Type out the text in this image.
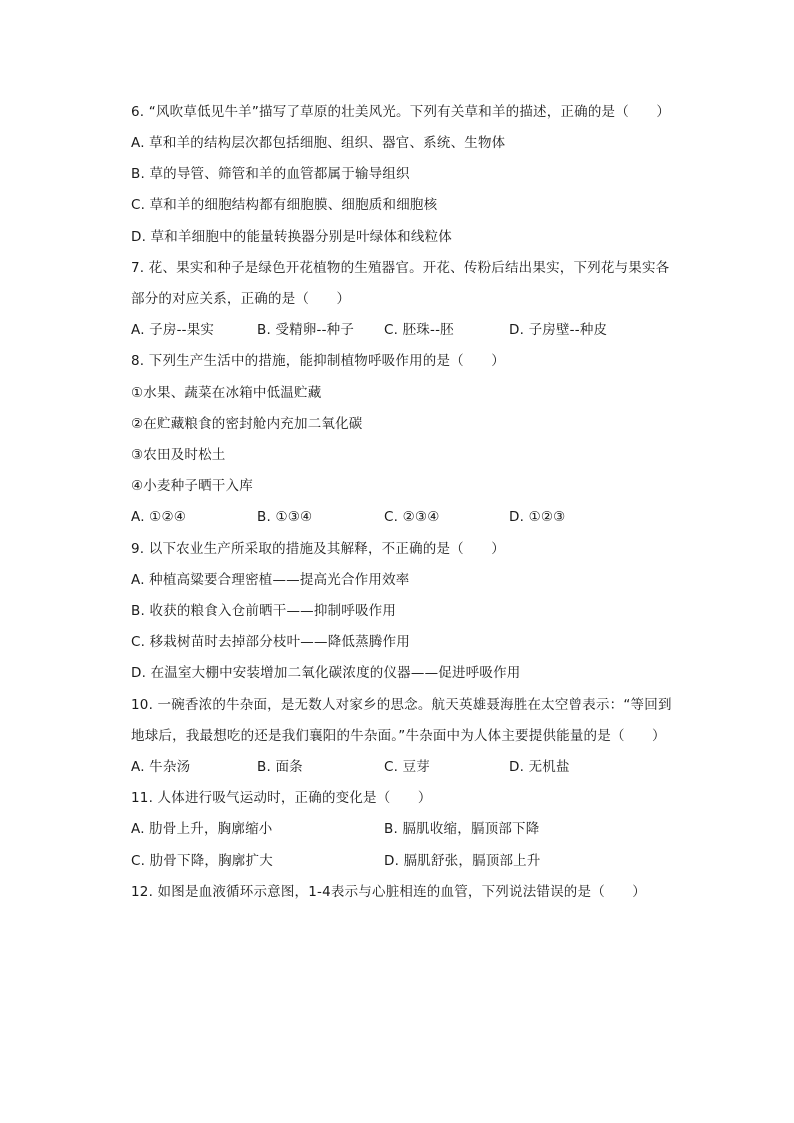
6. “风吹草低见牛羊”描写了草原的壮美风光。下列有关草和羊的描述，正确的是（　　）
A. 草和羊的结构层次都包括细胞、组织、器官、系统、生物体
B. 草的导管、筛管和羊的血管都属于输导组织
C. 草和羊的细胞结构都有细胞膜、细胞质和细胞核
D. 草和羊细胞中的能量转换器分别是叶绿体和线粒体
7. 花、果实和种子是绿色开花植物的生殖器官。开花、传粉后结出果实，下列花与果实各
部分的对应关系，正确的是（　　）
A. 子房--果实	B. 受精卵--种子 C. 胚珠--胚	D. 子房壁--种皮
8. 下列生产生活中的措施，能抑制植物呼吸作用的是（　　）
①水果、蔬菜在冰箱中低温贮藏
②在贮藏粮食的密封舱内充加二氧化碳
③农田及时松土
④小麦种子晒干入库
A. ①②④	B. ①③④	C. ②③④	D. ①②③
9. 以下农业生产所采取的措施及其解释，不正确的是（　　）
A. 种植高粱要合理密植——提高光合作用效率
B. 收获的粮食入仓前晒干——抑制呼吸作用
C. 移栽树苗时去掉部分枝叶——降低蒸腾作用
D. 在温室大棚中安装增加二氧化碳浓度的仪器——促进呼吸作用
10. 一碗香浓的牛杂面，是无数人对家乡的思念。航天英雄聂海胜在太空曾表示：“等回到
地球后，我最想吃的还是我们襄阳的牛杂面。”牛杂面中为人体主要提供能量的是（　　）
A. 牛杂汤	B. 面条	C. 豆芽	D. 无机盐
11. 人体进行吸气运动时，正确的变化是（　　）
A. 肋骨上升，胸廓缩小	B. 膈肌收缩，膈顶部下降
C. 肋骨下降，胸廓扩大	D. 膈肌舒张，膈顶部上升
12. 如图是血液循环示意图，1-4表示与心脏相连的血管，下列说法错误的是（　　）
